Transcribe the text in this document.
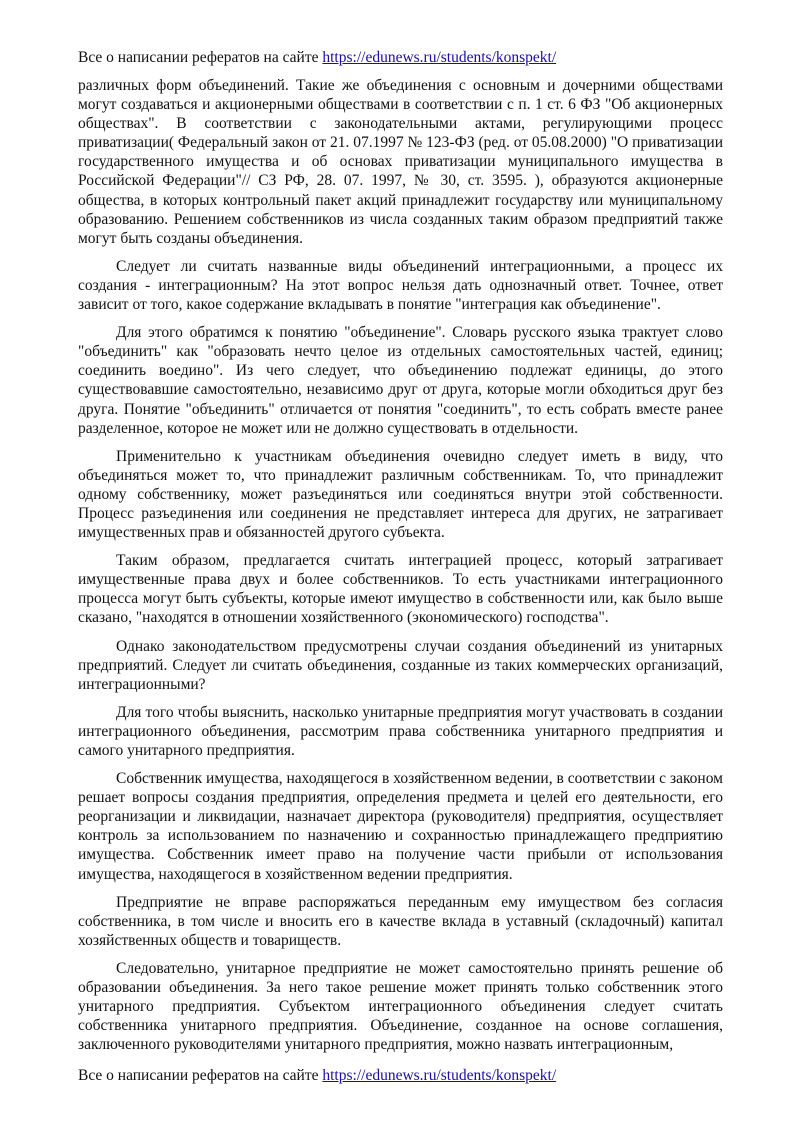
Все о написании рефератов на сайте https://edunews.ru/students/konspekt/

различных форм объединений. Такие же объединения с основным и дочерними обществами могут создаваться и акционерными обществами в соответствии с п. 1 ст. 6 ФЗ "Об акционерных обществах". В соответствии с законодательными актами, регулирующими процесс приватизации( Федеральный закон от 21. 07.1997 № 123-ФЗ (ред. от 05.08.2000) "О приватизации государственного имущества и об основах приватизации муниципального имущества в Российской Федерации"// СЗ РФ, 28. 07. 1997, № 30, ст. 3595. ), образуются акционерные общества, в которых контрольный пакет акций принадлежит государству или муниципальному образованию. Решением собственников из числа созданных таким образом предприятий также могут быть созданы объединения.

Следует ли считать названные виды объединений интеграционными, а процесс их создания - интеграционным? На этот вопрос нельзя дать однозначный ответ. Точнее, ответ зависит от того, какое содержание вкладывать в понятие "интеграция как объединение".

Для этого обратимся к понятию "объединение". Словарь русского языка трактует слово "объединить" как "образовать нечто целое из отдельных самостоятельных частей, единиц; соединить воедино". Из чего следует, что объединению подлежат единицы, до этого существовавшие самостоятельно, независимо друг от друга, которые могли обходиться друг без друга. Понятие "объединить" отличается от понятия "соединить", то есть собрать вместе ранее разделенное, которое не может или не должно существовать в отдельности.

Применительно к участникам объединения очевидно следует иметь в виду, что объединяться может то, что принадлежит различным собственникам. То, что принадлежит одному собственнику, может разъединяться или соединяться внутри этой собственности. Процесс разъединения или соединения не представляет интереса для других, не затрагивает имущественных прав и обязанностей другого субъекта.

Таким образом, предлагается считать интеграцией процесс, который затрагивает имущественные права двух и более собственников. То есть участниками интеграционного процесса могут быть субъекты, которые имеют имущество в собственности или, как было выше сказано, "находятся в отношении хозяйственного (экономического) господства".

Однако законодательством предусмотрены случаи создания объединений из унитарных предприятий. Следует ли считать объединения, созданные из таких коммерческих организаций, интеграционными?

Для того чтобы выяснить, насколько унитарные предприятия могут участвовать в создании интеграционного объединения, рассмотрим права собственника унитарного предприятия и самого унитарного предприятия.

Собственник имущества, находящегося в хозяйственном ведении, в соответствии с законом решает вопросы создания предприятия, определения предмета и целей его деятельности, его реорганизации и ликвидации, назначает директора (руководителя) предприятия, осуществляет контроль за использованием по назначению и сохранностью принадлежащего предприятию имущества. Собственник имеет право на получение части прибыли от использования имущества, находящегося в хозяйственном ведении предприятия.

Предприятие не вправе распоряжаться переданным ему имуществом без согласия собственника, в том числе и вносить его в качестве вклада в уставный (складочный) капитал хозяйственных обществ и товариществ.

Следовательно, унитарное предприятие не может самостоятельно принять решение об образовании объединения. За него такое решение может принять только собственник этого унитарного предприятия. Субъектом интеграционного объединения следует считать собственника унитарного предприятия. Объединение, созданное на основе соглашения, заключенного руководителями унитарного предприятия, можно назвать интеграционным,

Все о написании рефератов на сайте https://edunews.ru/students/konspekt/
